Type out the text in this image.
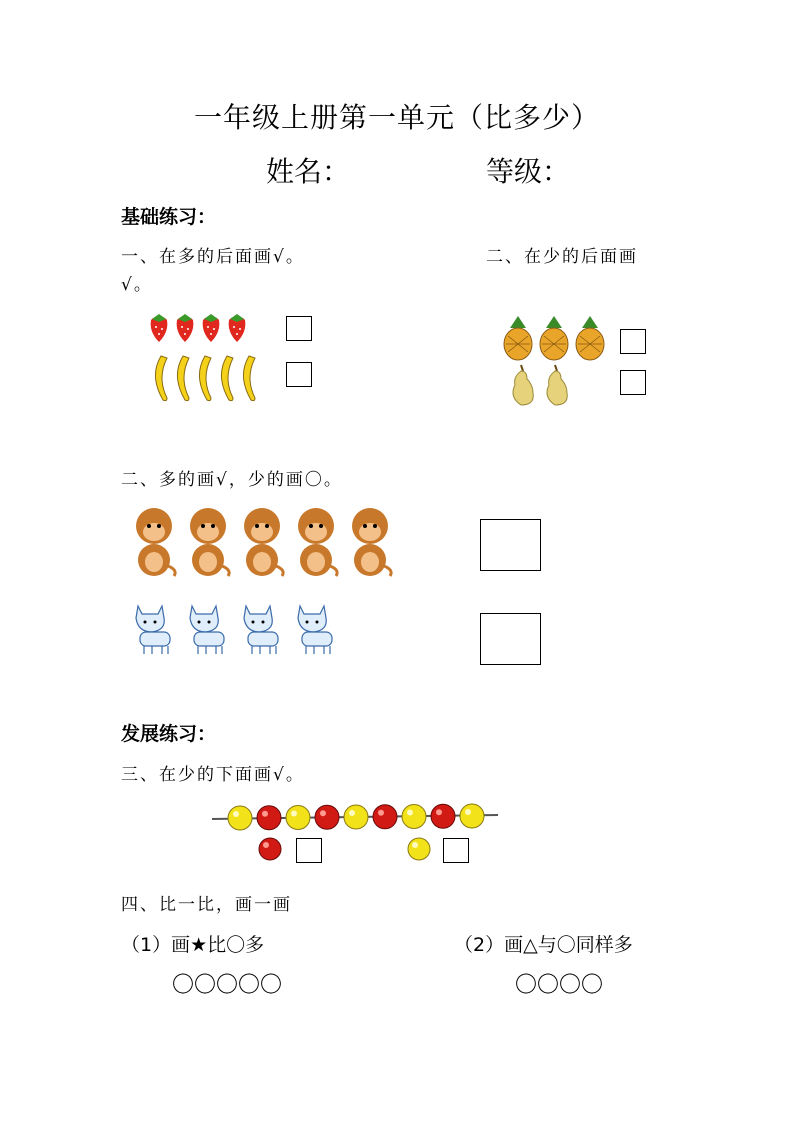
一年级上册第一单元（比多少）
姓名：	等级：
基础练习：
一、在多的后面画√。	二、在少的后面画
√。
二、多的画√，少的画〇。
发展练习：
三、在少的下面画√。
四、比一比，画一画
（1）画★比〇多
〇〇〇〇〇
（2）画△与〇同样多
〇〇〇〇
